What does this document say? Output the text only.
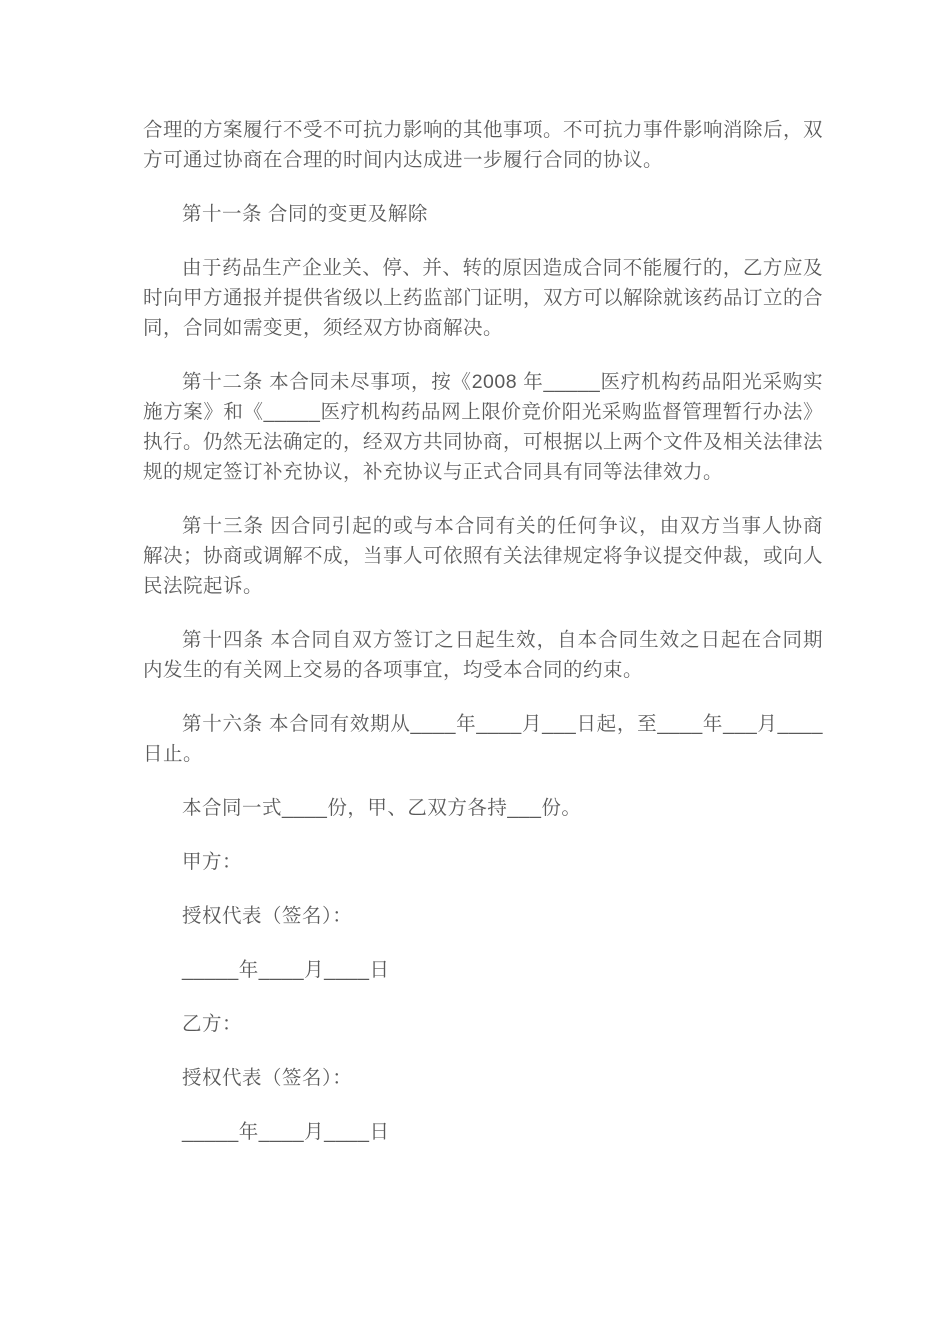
合理的方案履行不受不可抗力影响的其他事项。不可抗力事件影响消除后，双方可通过协商在合理的时间内达成进一步履行合同的协议。

第十一条 合同的变更及解除

由于药品生产企业关、停、并、转的原因造成合同不能履行的，乙方应及时向甲方通报并提供省级以上药监部门证明，双方可以解除就该药品订立的合同，合同如需变更，须经双方协商解决。

第十二条 本合同未尽事项，按《2008 年_____医疗机构药品阳光采购实施方案》和《_____医疗机构药品网上限价竞价阳光采购监督管理暂行办法》执行。仍然无法确定的，经双方共同协商，可根据以上两个文件及相关法律法规的规定签订补充协议，补充协议与正式合同具有同等法律效力。

第十三条 因合同引起的或与本合同有关的任何争议，由双方当事人协商解决；协商或调解不成，当事人可依照有关法律规定将争议提交仲裁，或向人民法院起诉。

第十四条 本合同自双方签订之日起生效，自本合同生效之日起在合同期内发生的有关网上交易的各项事宜，均受本合同的约束。

第十六条 本合同有效期从____年____月___日起，至____年___月____日止。

本合同一式____份，甲、乙双方各持___份。

甲方：

授权代表（签名）：

_____年____月____日

乙方：

授权代表（签名）：

_____年____月____日
